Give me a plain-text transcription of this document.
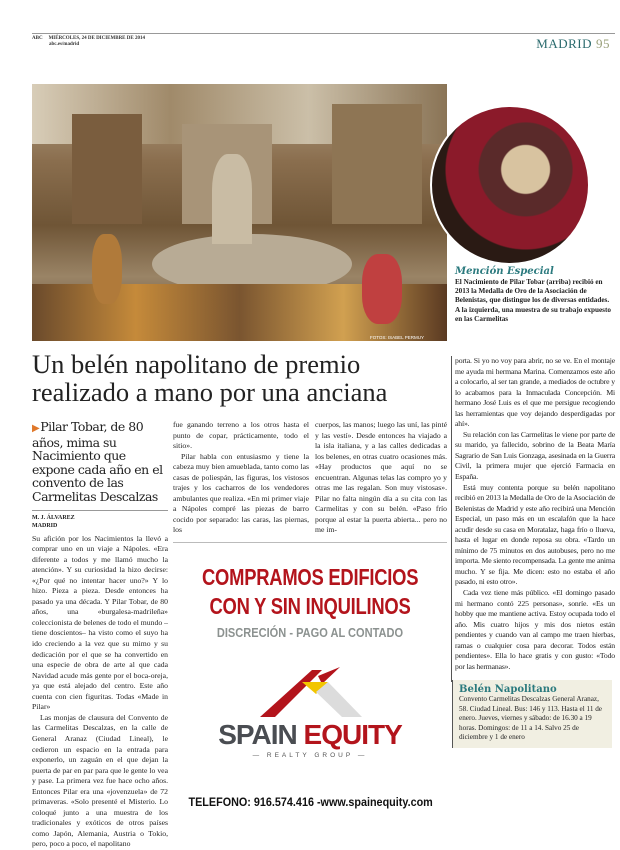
ABC MIÉRCOLES, 24 DE DICIEMBRE DE 2014
abc.es/madrid	MADRID 95
FOTOS: ISABEL PERMUY
Mención Especial
El Nacimiento de Pilar Tobar (arriba) recibió en 2013 la Medalla de Oro de la Asociación de Belenistas, que distingue los de diversas entidades. A la izquierda, una muestra de su trabajo expuesto en las Carmelitas
Un belén napolitano de premio realizado a mano por una anciana
▶Pilar Tobar, de 80 años, mima su Nacimiento que expone cada año en el convento de las Carmelitas Descalzas
M. J. ÁLVAREZ
MADRID

Su afición por los Nacimientos la llevó a comprar uno en un viaje a Nápoles. «Era diferente a todos y me llamó mucho la atención». Y su curiosidad la hizo decirse: «¿Por qué no intentar hacer uno?» Y lo hizo. Pieza a pieza. Desde entonces ha pasado ya una década. Y Pilar Tobar, de 80 años, una «burgalesa-madrileña» coleccionista de belenes de todo el mundo –tiene doscientos– ha visto como el suyo ha ido creciendo a la vez que su mimo y su dedicación por el que se ha convertido en una especie de obra de arte al que cada Navidad acude más gente por el boca-oreja, ya que está alejado del centro. Este año cuenta con cien figuritas. Todas «Made in Pilar»

Las monjas de clausura del Convento de las Carmelitas Descalzas, en la calle de General Aranaz (Ciudad Lineal), le cedieron un espacio en la entrada para exponerlo, un zaguán en el que dejan la puerta de par en par para que le gente lo vea y pase. La primera vez fue hace ocho años. Entonces Pilar era una «jovenzuela» de 72 primaveras. «Solo presenté el Misterio. Lo coloqué junto a una muestra de los tradicionales y exóticos de otros países como Japón, Alemania, Austria o Tokio, pero, poco a poco, el napolitano

fue ganando terreno a los otros hasta el punto de copar, prácticamente, todo el sitio».

Pilar habla con entusiasmo y tiene la cabeza muy bien amueblada, tanto como las casas de poliespán, las figuras, los vistosos trajes y los cacharros de los vendedores ambulantes que realiza. «En mi primer viaje a Nápoles compré las piezas de barro cocido por separado: las caras, las piernas, los

cuerpos, las manos; luego las uní, las pinté y las vestí». Desde entonces ha viajado a la isla italiana, y a las calles dedicadas a los belenes, en otras cuatro ocasiones más. «Hay productos que aquí no se encuentran. Algunas telas las compro yo y otras me las regalan. Son muy vistosas». Pilar no falta ningún día a su cita con las Carmelitas y con su belén. «Paso frío porque al estar la puerta abierta... pero no me im-

COMPRAMOS EDIFICIOS
CON Y SIN INQUILINOS
DISCRECIÓN - PAGO AL CONTADO
SPAIN EQUITY
— REALTY GROUP —
TELEFONO: 916.574.416 -www.spainequity.com

porta. Si yo no voy para abrir, no se ve. En el montaje me ayuda mi hermana Marina. Comenzamos este año a colocarlo, al ser tan grande, a mediados de octubre y lo acabamos para la Inmaculada Concepción. Mi hermano José Luis es el que me persigue recogiendo las herramientas que voy dejando desperdigadas por ahí».

Su relación con las Carmelitas le viene por parte de su marido, ya fallecido, sobrino de la Beata María Sagrario de San Luis Gonzaga, asesinada en la Guerra Civil, la primera mujer que ejerció Farmacia en España.

Está muy contenta porque su belén napolitano recibió en 2013 la Medalla de Oro de la Asociación de Belenistas de Madrid y este año recibirá una Mención Especial, un paso más en un escalafón que la hace acudir desde su casa en Moratalaz, haga frío o llueva, hasta el lugar en donde reposa su obra. «Tardo un mínimo de 75 minutos en dos autobuses, pero no me importa. Me siento recompensada. La gente me anima mucho. Y se fija. Me dicen: esto no estaba el año pasado, ni esto otro».

Cada vez tiene más público. «El domingo pasado mi hermano contó 225 personas», sonríe. «Es un hobby que me mantiene activa. Estoy ocupada todo el año. Mis cuatro hijos y mis dos nietos están pendientes y cuando van al campo me traen hierbas, ramas o cualquier cosa para decorar. Todos están pendientes». Ella lo hace gratis y con gusto: «Todo por las hermanas».

Belén Napolitano
Convento Carmelitas Descalzas General Aranaz, 58. Ciudad Lineal. Bus: 146 y 113. Hasta el 11 de enero. Jueves, viernes y sábado: de 16.30 a 19 horas. Domingos: de 11 a 14. Salvo 25 de diciembre y 1 de enero
